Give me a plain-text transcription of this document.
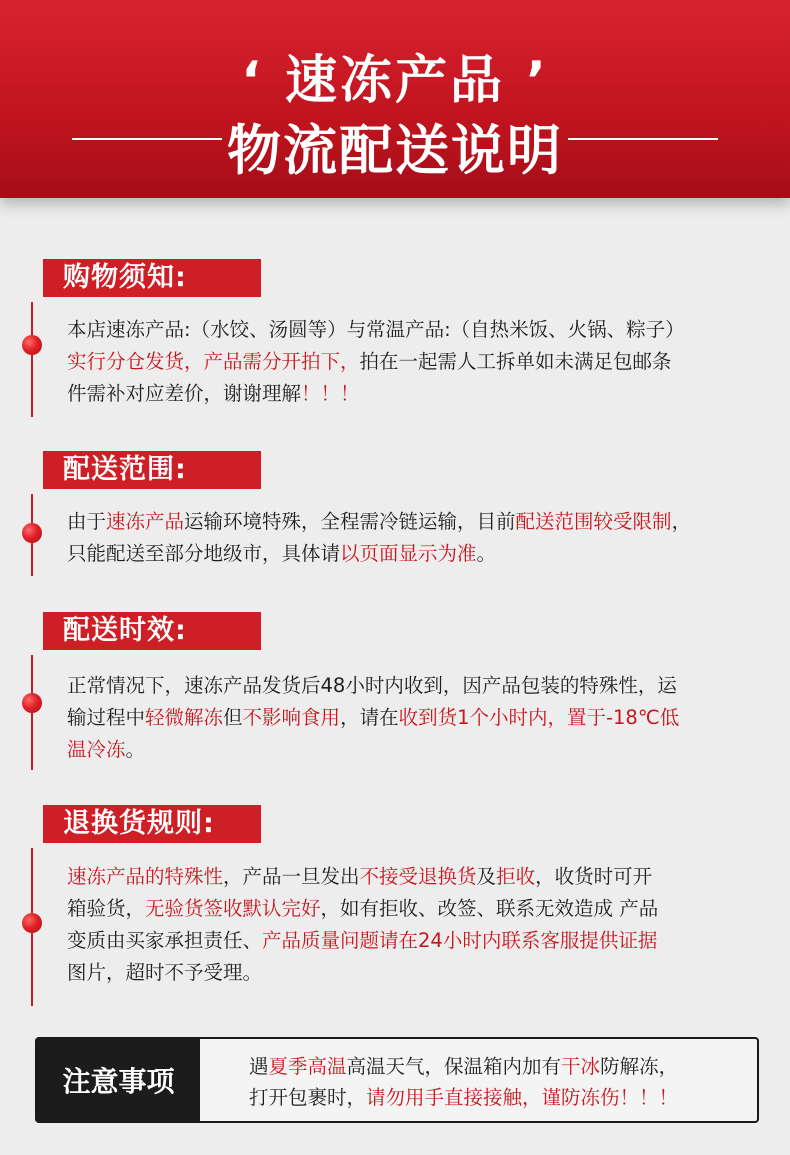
‘ 速冻产品 ’
物流配送说明
购物须知:
本店速冻产品:（水饺、汤圆等）与常温产品:（自热米饭、火锅、粽子）
实行分仓发货，产品需分开拍下，拍在一起需人工拆单如未满足包邮条
件需补对应差价，谢谢理解！！！
配送范围:
由于速冻产品运输环境特殊，全程需冷链运输，目前配送范围较受限制，
只能配送至部分地级市，具体请以页面显示为准。
配送时效:
正常情况下，速冻产品发货后48小时内收到，因产品包装的特殊性，运
输过程中轻微解冻但不影响食用，请在收到货1个小时内，置于-18℃低
温冷冻。
退换货规则:
速冻产品的特殊性，产品一旦发出不接受退换货及拒收，收货时可开
箱验货，无验货签收默认完好，如有拒收、改签、联系无效造成 产品
变质由买家承担责任、产品质量问题请在24小时内联系客服提供证据
图片，超时不予受理。
注意事项	遇夏季高温高温天气，保温箱内加有干冰防解冻，
打开包裹时，请勿用手直接接触，谨防冻伤！！！
